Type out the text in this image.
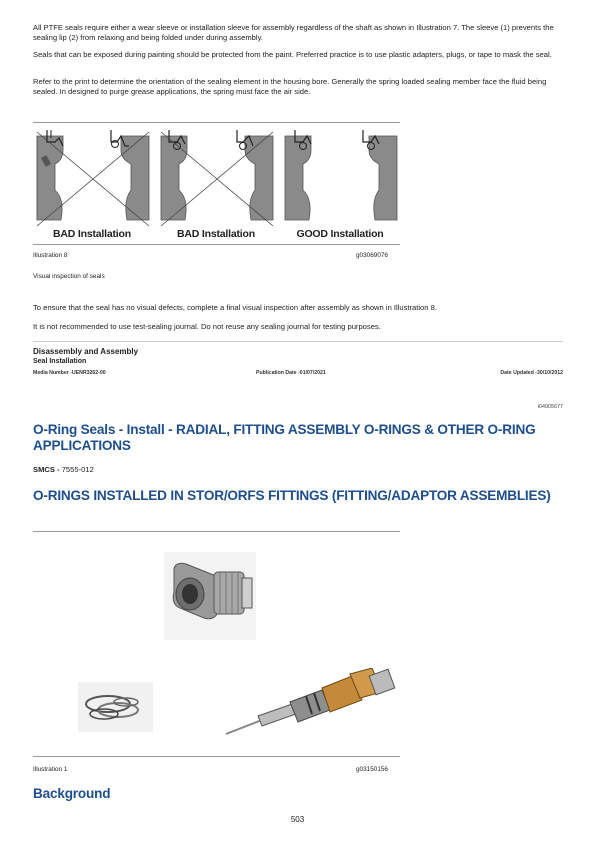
All PTFE seals require either a wear sleeve or installation sleeve for assembly regardless of the shaft as shown in Illustration 7. The sleeve (1) prevents the sealing lip (2) from relaxing and being folded under during assembly.

Seals that can be exposed during painting should be protected from the paint. Preferred practice is to use plastic adapters, plugs, or tape to mask the seal.

Refer to the print to determine the orientation of the sealing element in the housing bore. Generally the spring loaded sealing member face the fluid being sealed. In designed to purge grease applications, the spring must face the air side.

BAD Installation	BAD Installation	GOOD Installation
Illustration 8	g03069076
Visual inspection of seals

To ensure that the seal has no visual defects, complete a final visual inspection after assembly as shown in Illustration 8.

It is not recommended to use test-sealing journal. Do not reuse any sealing journal for testing purposes.

Disassembly and Assembly
Seal Installation
Media Number -UENR3262-00	Publication Date -01/07/2021	Date Updated -30/10/2012
i04905677
O-Ring Seals - Install - RADIAL, FITTING ASSEMBLY O-RINGS & OTHER O-RING APPLICATIONS
SMCS - 7555-012
O-RINGS INSTALLED IN STOR/ORFS FITTINGS (FITTING/ADAPTOR ASSEMBLIES)
Illustration 1	g03150156
Background
503
